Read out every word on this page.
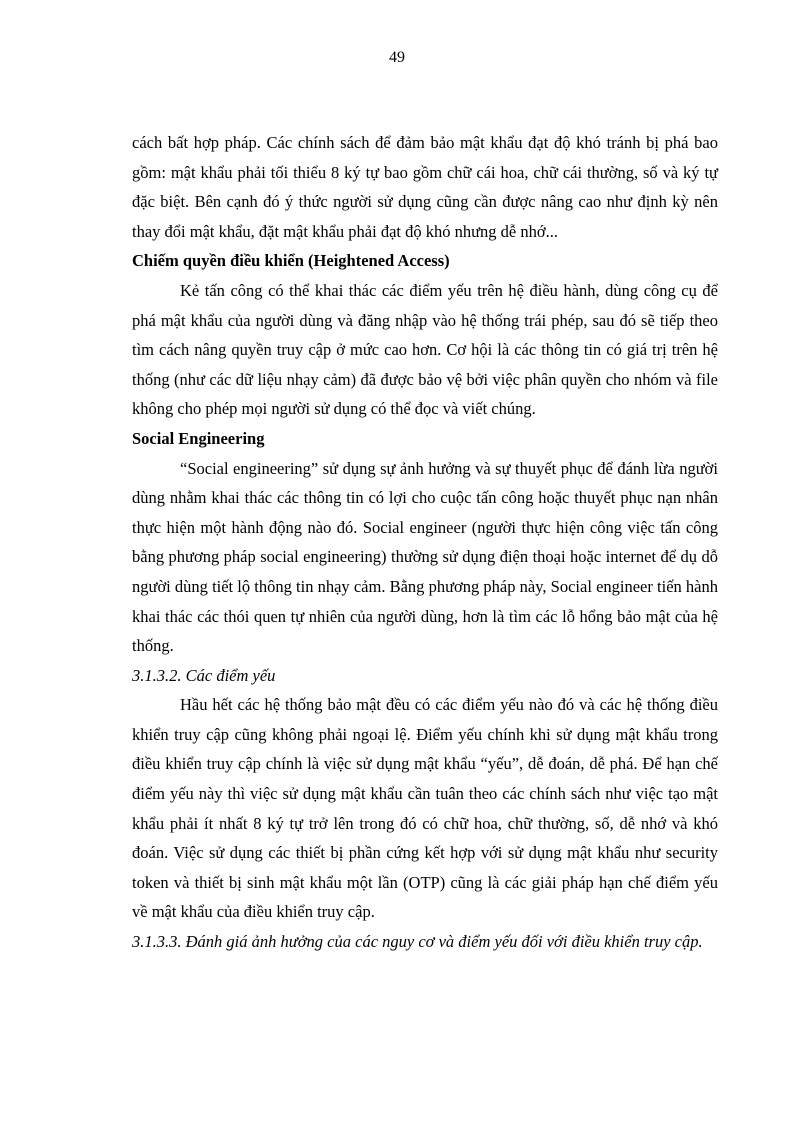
49

cách bất hợp pháp. Các chính sách để đảm bảo mật khẩu đạt độ khó tránh bị phá bao gồm: mật khẩu phải tối thiểu 8 ký tự bao gồm chữ cái hoa, chữ cái thường, số và ký tự đặc biệt. Bên cạnh đó ý thức người sử dụng cũng cần được nâng cao như định kỳ nên thay đổi mật khẩu, đặt mật khẩu phải đạt độ khó nhưng dễ nhớ...

Chiếm quyền điều khiển (Heightened Access)

Kẻ tấn công có thể khai thác các điểm yếu trên hệ điều hành, dùng công cụ để phá mật khẩu của người dùng và đăng nhập vào hệ thống trái phép, sau đó sẽ tiếp theo tìm cách nâng quyền truy cập ở mức cao hơn. Cơ hội là các thông tin có giá trị trên hệ thống (như các dữ liệu nhạy cảm) đã được bảo vệ bởi việc phân quyền cho nhóm và file không cho phép mọi người sử dụng có thể đọc và viết chúng.

Social Engineering

“Social engineering” sử dụng sự ảnh hưởng và sự thuyết phục để đánh lừa người dùng nhằm khai thác các thông tin có lợi cho cuộc tấn công hoặc thuyết phục nạn nhân thực hiện một hành động nào đó. Social engineer (người thực hiện công việc tấn công bằng phương pháp social engineering) thường sử dụng điện thoại hoặc internet để dụ dỗ người dùng tiết lộ thông tin nhạy cảm. Bằng phương pháp này, Social engineer tiến hành khai thác các thói quen tự nhiên của người dùng, hơn là tìm các lỗ hổng bảo mật của hệ thống.

3.1.3.2. Các điểm yếu

Hầu hết các hệ thống bảo mật đều có các điểm yếu nào đó và các hệ thống điều khiển truy cập cũng không phải ngoại lệ. Điểm yếu chính khi sử dụng mật khẩu trong điều khiển truy cập chính là việc sử dụng mật khẩu “yếu”, dễ đoán, dễ phá. Để hạn chế điểm yếu này thì việc sử dụng mật khẩu cần tuân theo các chính sách như việc tạo mật khẩu phải ít nhất 8 ký tự trở lên trong đó có chữ hoa, chữ thường, số, dễ nhớ và khó đoán. Việc sử dụng các thiết bị phần cứng kết hợp với sử dụng mật khẩu như security token và thiết bị sinh mật khẩu một lần (OTP) cũng là các giải pháp hạn chế điểm yếu về mật khẩu của điều khiển truy cập.

3.1.3.3. Đánh giá ảnh hưởng của các nguy cơ và điểm yếu đối với điều khiển truy cập.
